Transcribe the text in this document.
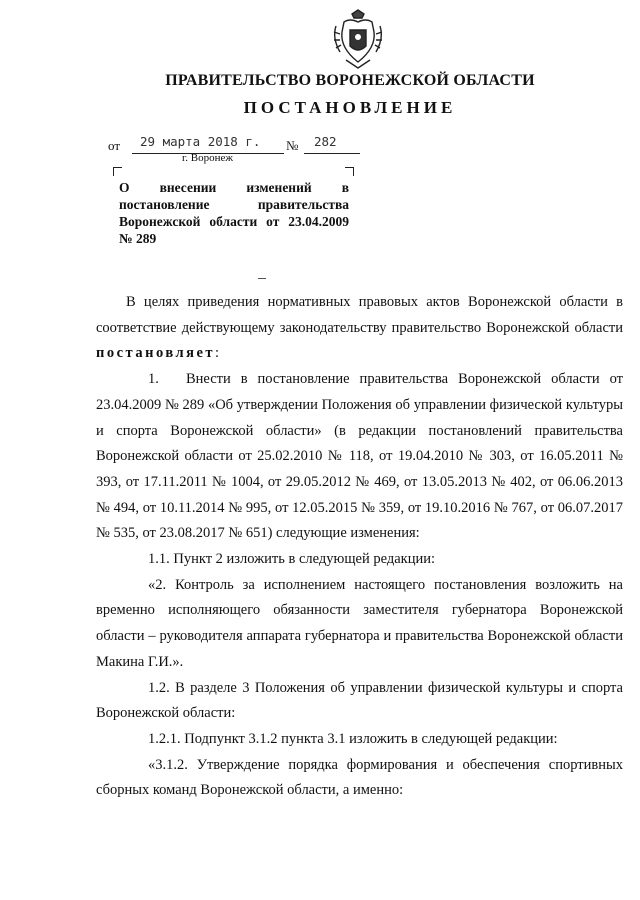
ПРАВИТЕЛЬСТВО ВОРОНЕЖСКОЙ ОБЛАСТИ
ПОСТАНОВЛЕНИЕ
от 29 марта 2018 г. № 282
г. Воронеж
О внесении изменений в постановление правительства Воронежской области от 23.04.2009 № 289

В целях приведения нормативных правовых актов Воронежской области в соответствие действующему законодательству правительство Воронежской области постановляет:

1. Внести в постановление правительства Воронежской области от 23.04.2009 № 289 «Об утверждении Положения об управлении физической культуры и спорта Воронежской области» (в редакции постановлений правительства Воронежской области от 25.02.2010 № 118, от 19.04.2010 № 303, от 16.05.2011 № 393, от 17.11.2011 № 1004, от 29.05.2012 № 469, от 13.05.2013 № 402, от 06.06.2013 № 494, от 10.11.2014 № 995, от 12.05.2015 № 359, от 19.10.2016 № 767, от 06.07.2017 № 535, от 23.08.2017 № 651) следующие изменения:

1.1. Пункт 2 изложить в следующей редакции:

«2. Контроль за исполнением настоящего постановления возложить на временно исполняющего обязанности заместителя губернатора Воронежской области – руководителя аппарата губернатора и правительства Воронежской области Макина Г.И.».

1.2. В разделе 3 Положения об управлении физической культуры и спорта Воронежской области:

1.2.1. Подпункт 3.1.2 пункта 3.1 изложить в следующей редакции:

«3.1.2. Утверждение порядка формирования и обеспечения спортивных сборных команд Воронежской области, а именно:
